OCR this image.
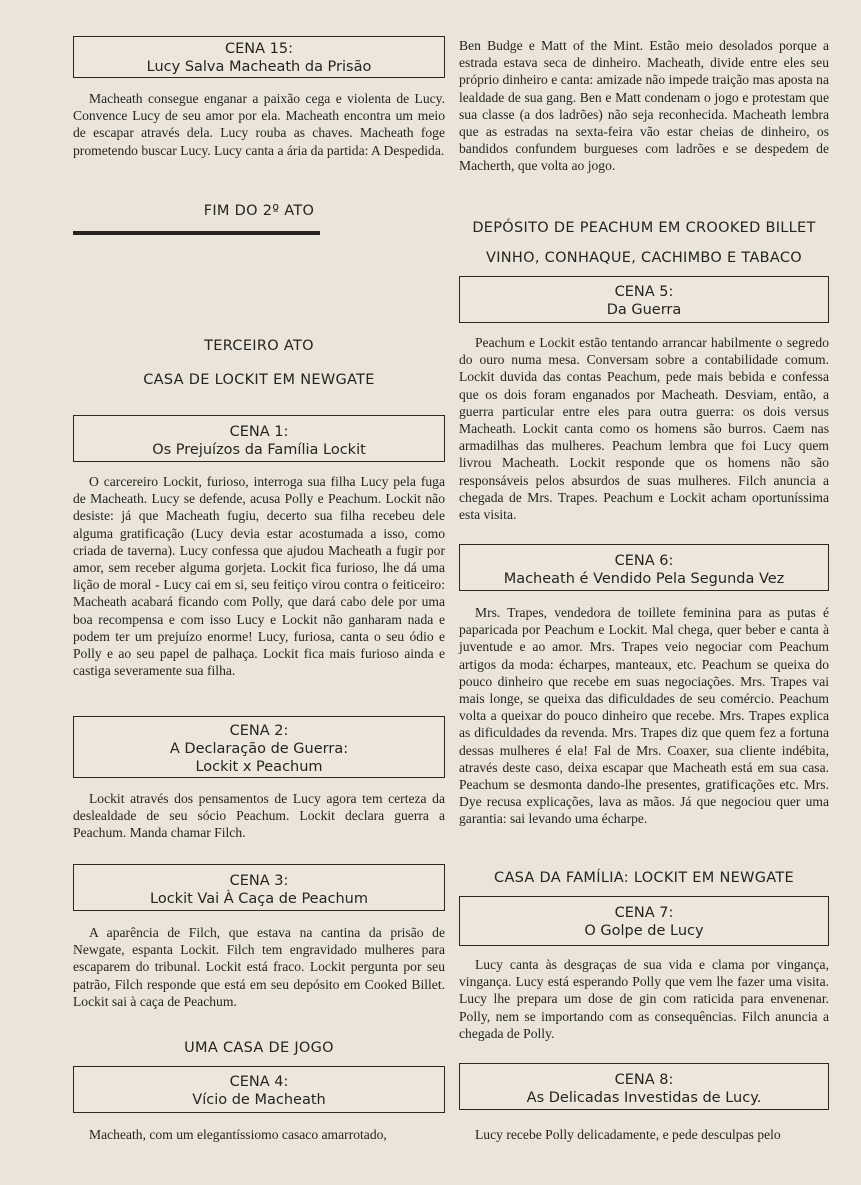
CENA 15:
Lucy Salva Macheath da Prisão

Macheath consegue enganar a paixão cega e violenta de Lucy. Convence Lucy de seu amor por ela. Macheath encontra um meio de escapar através dela. Lucy rouba as chaves. Macheath foge prometendo buscar Lucy. Lucy canta a ária da partida: A Despedida.

FIM DO 2º ATO
TERCEIRO ATO
CASA DE LOCKIT EM NEWGATE
CENA 1:
Os Prejuízos da Família Lockit

O carcereiro Lockit, furioso, interroga sua filha Lucy pela fuga de Macheath. Lucy se defende, acusa Polly e Peachum. Lockit não desiste: já que Macheath fugiu, decerto sua filha recebeu dele alguma gratificação (Lucy devia estar acostumada a isso, como criada de taverna). Lucy confessa que ajudou Macheath a fugir por amor, sem receber alguma gorjeta. Lockit fica furioso, lhe dá uma lição de moral - Lucy cai em si, seu feitiço virou contra o feiticeiro: Macheath acabará ficando com Polly, que dará cabo dele por uma boa recompensa e com isso Lucy e Lockit não ganharam nada e podem ter um prejuízo enorme! Lucy, furiosa, canta o seu ódio e Polly e ao seu papel de palhaça. Lockit fica mais furioso ainda e castiga severamente sua filha.

CENA 2:
A Declaração de Guerra:
Lockit x Peachum

Lockit através dos pensamentos de Lucy agora tem certeza da deslealdade de seu sócio Peachum. Lockit declara guerra a Peachum. Manda chamar Filch.

CENA 3:
Lockit Vai À Caça de Peachum

A aparência de Filch, que estava na cantina da prisão de Newgate, espanta Lockit. Filch tem engravidado mulheres para escaparem do tribunal. Lockit está fraco. Lockit pergunta por seu patrão, Filch responde que está em seu depósito em Cooked Billet. Lockit sai à caça de Peachum.

UMA CASA DE JOGO
CENA 4:
Vício de Macheath

Macheath, com um elegantíssiomo casaco amarrotado,

Ben Budge e Matt of the Mint. Estão meio desolados porque a estrada estava seca de dinheiro. Macheath, divide entre eles seu próprio dinheiro e canta: amizade não impede traição mas aposta na lealdade de sua gang. Ben e Matt condenam o jogo e protestam que sua classe (a dos ladrões) não seja reconhecida. Macheath lembra que as estradas na sexta-feira vão estar cheias de dinheiro, os bandidos confundem burgueses com ladrões e se despedem de Macherth, que volta ao jogo.

DEPÓSITO DE PEACHUM EM CROOKED BILLET
VINHO, CONHAQUE, CACHIMBO E TABACO
CENA 5:
Da Guerra

Peachum e Lockit estão tentando arrancar habilmente o segredo do ouro numa mesa. Conversam sobre a contabilidade comum. Lockit duvida das contas Peachum, pede mais bebida e confessa que os dois foram enganados por Macheath. Desviam, então, a guerra particular entre eles para outra guerra: os dois versus Macheath. Lockit canta como os homens são burros. Caem nas armadilhas das mulheres. Peachum lembra que foi Lucy quem livrou Macheath. Lockit responde que os homens não são responsáveis pelos absurdos de suas mulheres. Filch anuncia a chegada de Mrs. Trapes. Peachum e Lockit acham oportuníssima esta visita.

CENA 6:
Macheath é Vendido Pela Segunda Vez

Mrs. Trapes, vendedora de toillete feminina para as putas é paparicada por Peachum e Lockit. Mal chega, quer beber e canta à juventude e ao amor. Mrs. Trapes veio negociar com Peachum artigos da moda: écharpes, manteaux, etc. Peachum se queixa do pouco dinheiro que recebe em suas negociações. Mrs. Trapes vai mais longe, se queixa das dificuldades de seu comércio. Peachum volta a queixar do pouco dinheiro que recebe. Mrs. Trapes explica as dificuldades da revenda. Mrs. Trapes diz que quem fez a fortuna dessas mulheres é ela! Fal de Mrs. Coaxer, sua cliente indébita, através deste caso, deixa escapar que Macheath está em sua casa. Peachum se desmonta dando-lhe presentes, gratificações etc. Mrs. Dye recusa explicações, lava as mãos. Já que negociou quer uma garantia: sai levando uma écharpe.

CASA DA FAMÍLIA: LOCKIT EM NEWGATE
CENA 7:
O Golpe de Lucy

Lucy canta às desgraças de sua vida e clama por vingança, vingança. Lucy está esperando Polly que vem lhe fazer uma visita. Lucy lhe prepara um dose de gin com raticida para envenenar. Polly, nem se importando com as consequências. Filch anuncia a chegada de Polly.

CENA 8:
As Delicadas Investidas de Lucy.

Lucy recebe Polly delicadamente, e pede desculpas pelo
